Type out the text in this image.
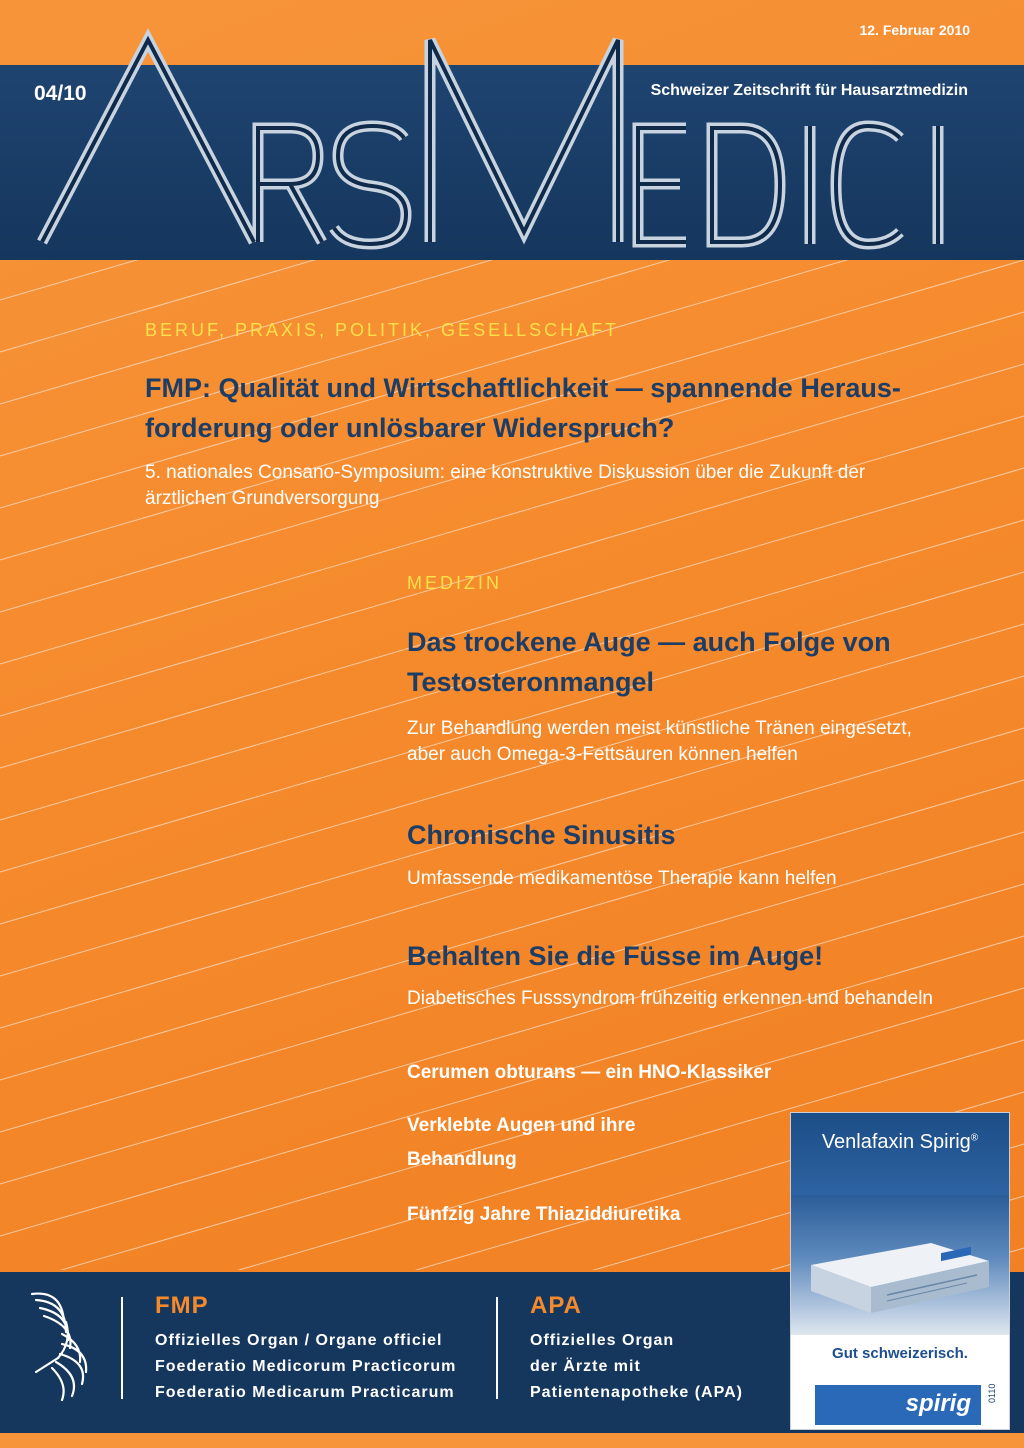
12. Februar 2010
04/10	Schweizer Zeitschrift für Hausarztmedizin
BERUF, PRAXIS, POLITIK, GESELLSCHAFT
FMP: Qualität und Wirtschaftlichkeit — spannende Heraus-
forderung oder unlösbarer Widerspruch?
5. nationales Consano-Symposium: eine konstruktive Diskussion über die Zukunft der
ärztlichen Grundversorgung
MEDIZIN
Das trockene Auge — auch Folge von
Testosteronmangel
Zur Behandlung werden meist künstliche Tränen eingesetzt,
aber auch Omega-3-Fettsäuren können helfen
Chronische Sinusitis
Umfassende medikamentöse Therapie kann helfen
Behalten Sie die Füsse im Auge!
Diabetisches Fusssyndrom frühzeitig erkennen und behandeln
Cerumen obturans — ein HNO-Klassiker
Verklebte Augen und ihre
Behandlung
Fünfzig Jahre Thiaziddiuretika
FMP
Offizielles Organ / Organe officiel
Foederatio Medicorum Practicorum
Foederatio Medicarum Practicarum
APA
Offizielles Organ
der Ärzte mit
Patientenapotheke (APA)
Venlafaxin Spirig®
Gut schweizerisch.
spirig 0110
